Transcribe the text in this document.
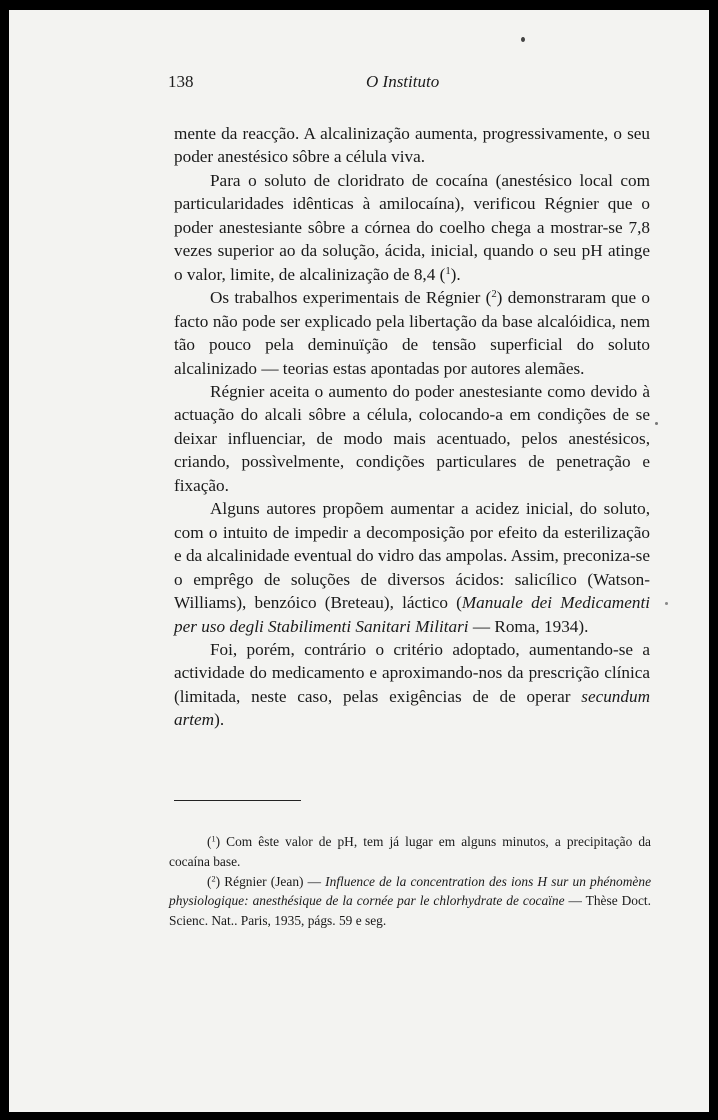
138	O Instituto

mente da reacção. A alcalinização aumenta, progressivamente, o seu poder anestésico sôbre a célula viva.

Para o soluto de cloridrato de cocaína (anestésico local com particularidades idênticas à amilocaína), verificou Régnier que o poder anestesiante sôbre a córnea do coelho chega a mostrar-se 7,8 vezes superior ao da solução, ácida, inicial, quando o seu pH atinge o valor, limite, de alcalinização de 8,4 ($^1$).

Os trabalhos experimentais de Régnier ($^2$) demonstraram que o facto não pode ser explicado pela libertação da base alcalóidica, nem tão pouco pela deminuïção de tensão superficial do soluto alcalinizado — teorias estas apontadas por autores alemães.

Régnier aceita o aumento do poder anestesiante como devido à actuação do alcali sôbre a célula, colocando-a em condições de se deixar influenciar, de modo mais acentuado, pelos anestésicos, criando, possìvelmente, condições particulares de penetração e fixação.

Alguns autores propõem aumentar a acidez inicial, do soluto, com o intuito de impedir a decomposição por efeito da esterilização e da alcalinidade eventual do vidro das ampolas. Assim, preconiza-se o emprêgo de soluções de diversos ácidos: salicílico (Watson-Williams), benzóico (Breteau), láctico (Manuale dei Medicamenti per uso degli Stabilimenti Sanitari Militari — Roma, 1934).

Foi, porém, contrário o critério adoptado, aumentando-se a actividade do medicamento e aproximando-nos da prescrição clínica (limitada, neste caso, pelas exigências de de operar secundum artem).

($^1$) Com êste valor de pH, tem já lugar em alguns minutos, a precipitação da cocaína base.

($^2$) Régnier (Jean) — Influence de la concentration des ions H sur un phénomène physiologique: anesthésique de la cornée par le chlorhydrate de cocaïne — Thèse Doct. Scienc. Nat.. Paris, 1935, págs. 59 e seg.
